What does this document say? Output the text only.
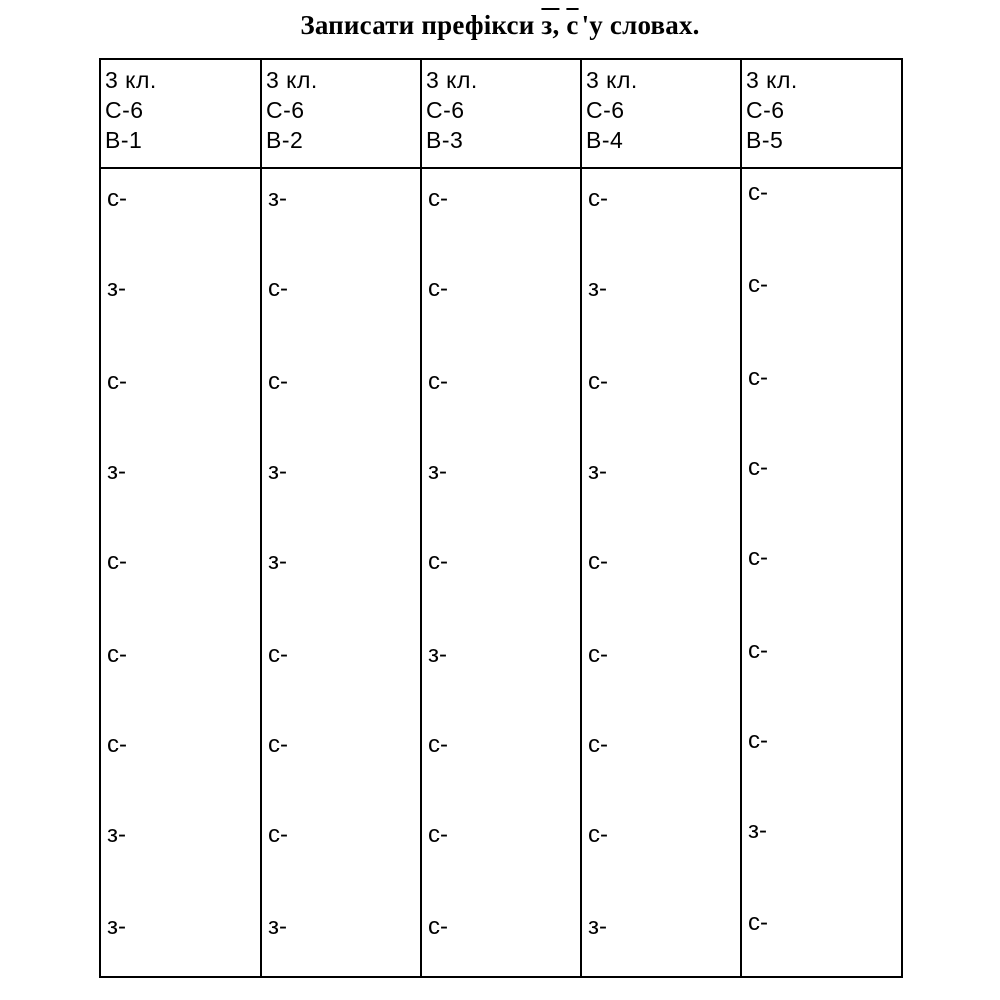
Записати префікси з, с 'у словах.
3 кл.
С-6
В-1
с-
з-
с-
з-
с-
с-
с-
з-
з-
3 кл.
С-6
В-2
з-
с-
с-
з-
з-
с-
с-
с-
з-
3 кл.
С-6
В-3
с-
с-
с-
з-
с-
з-
с-
с-
с-
3 кл.
С-6
В-4
с-
з-
с-
з-
с-
с-
с-
с-
з-
3 кл.
С-6
В-5
с-
с-
с-
с-
с-
с-
с-
з-
с-
